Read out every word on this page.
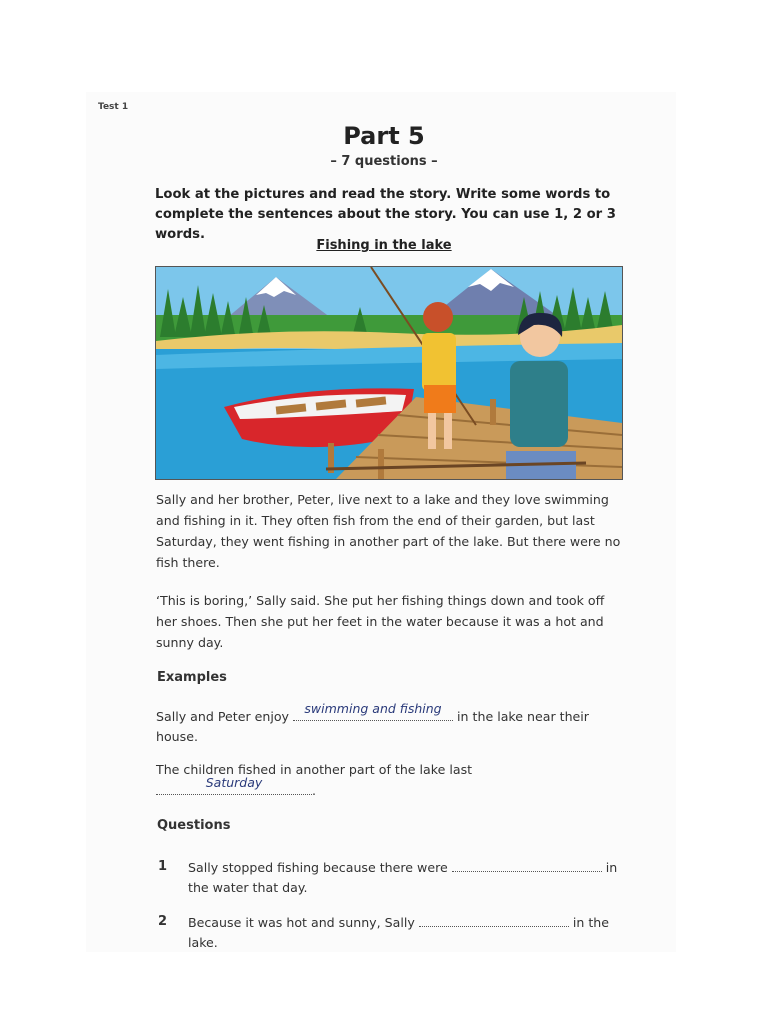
Test 1
Part 5
– 7 questions –
Look at the pictures and read the story. Write some words to complete the sentences about the story. You can use 1, 2 or 3 words.
Fishing in the lake
Sally and her brother, Peter, live next to a lake and they love swimming and fishing in it. They often fish from the end of their garden, but last Saturday, they went fishing in another part of the lake. But there were no fish there.
‘This is boring,’ Sally said. She put her fishing things down and took off her shoes. Then she put her feet in the water because it was a hot and sunny day.
Examples
Sally and Peter enjoy
swimming and fishing
in the lake near their house.
The children fished in another part of the lake last
Saturday
.
Questions
1 Sally stopped fishing because there were	in the water that day.
2 Because it was hot and sunny, Sally	in the lake.
